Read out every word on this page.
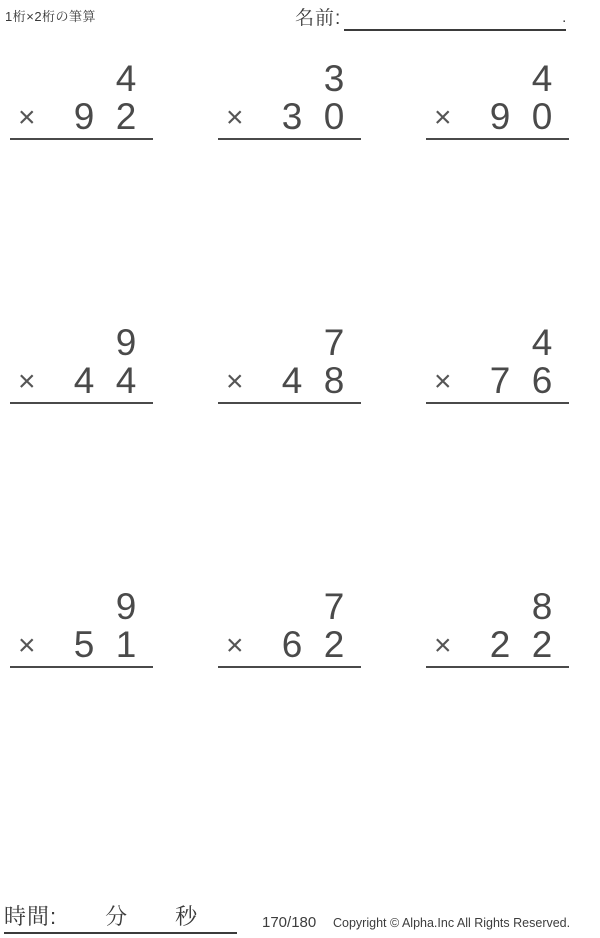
1桁×2桁の筆算	名前:	.
4
× 9 2
3
× 3 0
4
× 9 0
9
× 4 4
7
× 4 8
4
× 7 6
9
× 5 1
7
× 6 2
8
× 2 2
時間: 分 秒	170/180 Copyright © Alpha.Inc All Rights Reserved.
